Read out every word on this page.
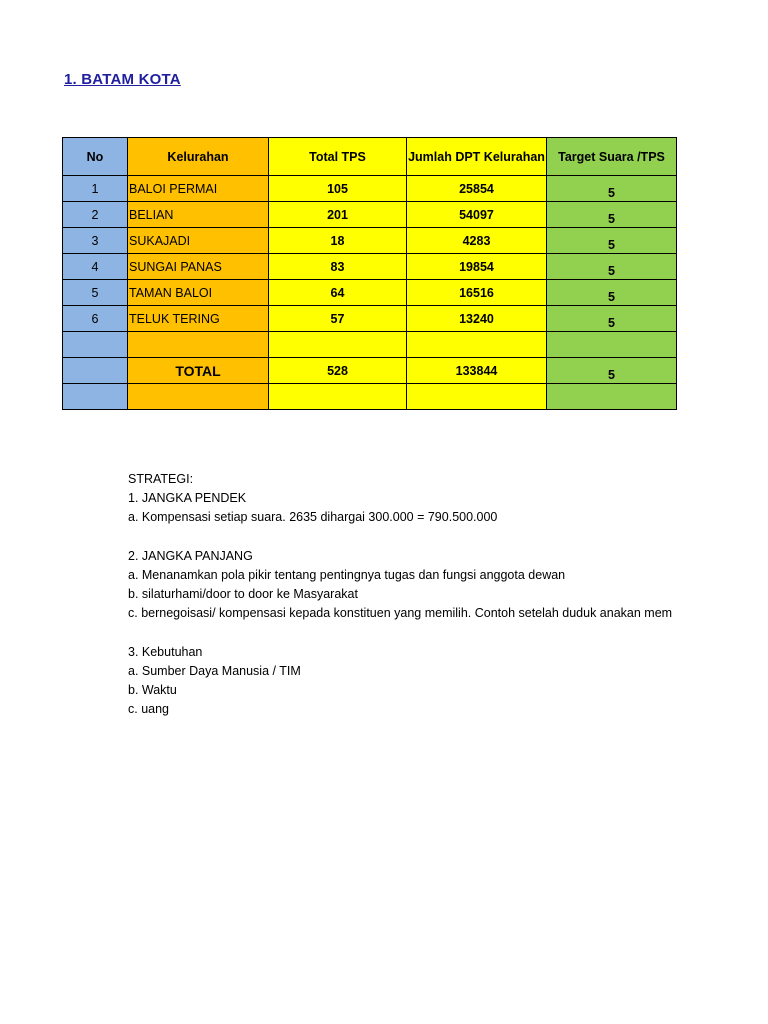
1. BATAM KOTA
No	Kelurahan	Total TPS	Jumlah DPT Kelurahan	Target Suara /TPS
1	BALOI PERMAI	105	25854	5
2	BELIAN	201	54097	5
3	SUKAJADI	18	4283	5
4	SUNGAI PANAS	83	19854	5
5	TAMAN BALOI	64	16516	5
6	TELUK TERING	57	13240	5

	TOTAL	528	133844	5

STRATEGI:
1. JANGKA PENDEK
a. Kompensasi setiap suara. 2635 dihargai 300.000 = 790.500.000
2. JANGKA PANJANG
a. Menanamkan pola pikir tentang pentingnya tugas dan fungsi anggota dewan
b. silaturhami/door to door ke Masyarakat
c. bernegoisasi/ kompensasi kepada konstituen yang memilih. Contoh setelah duduk anakan mem
3. Kebutuhan
a. Sumber Daya Manusia / TIM
b. Waktu
c. uang
